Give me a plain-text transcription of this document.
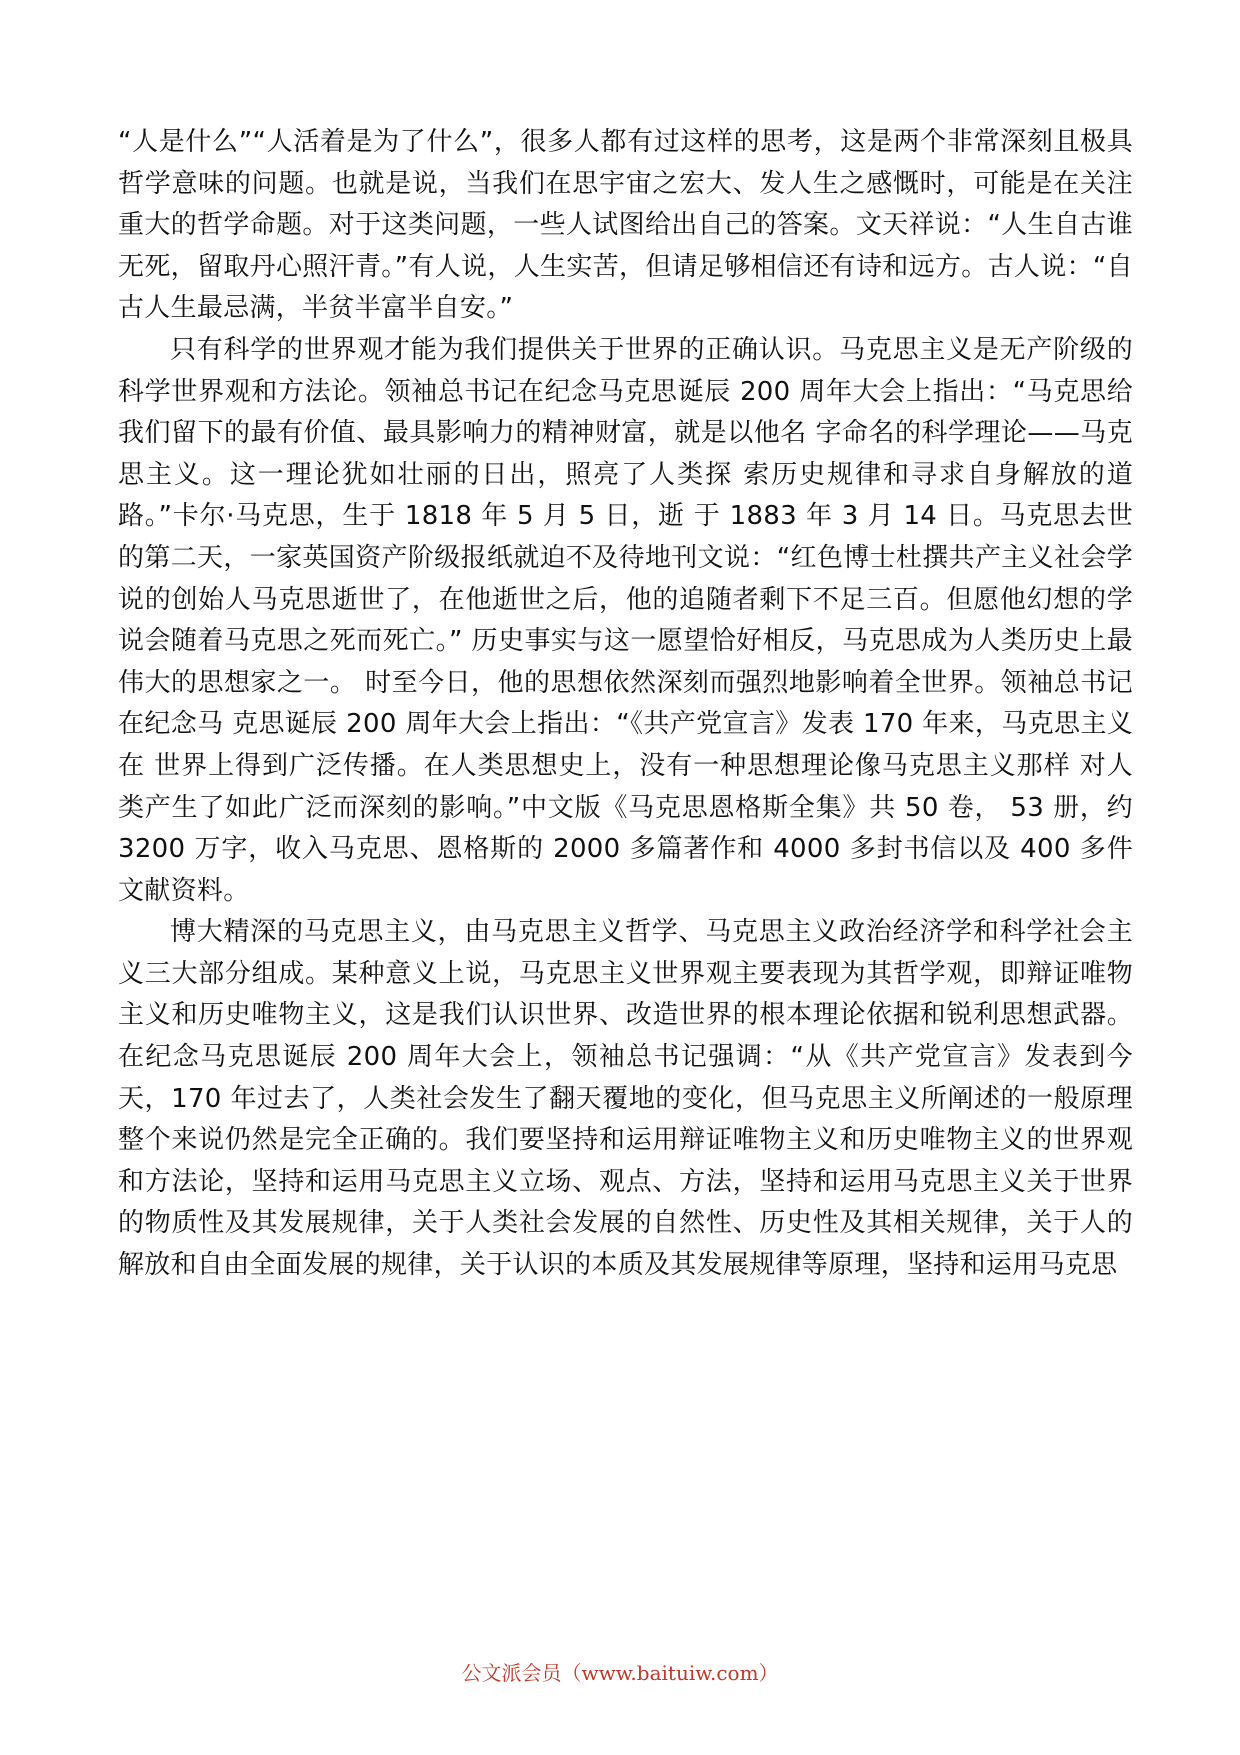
“人是什么”“人活着是为了什么”，很多人都有过这样的思考，这是两个非常深刻且极具哲学意味的问题。也就是说，当我们在思宇宙之宏大、发人生之感慨时，可能是在关注重大的哲学命题。对于这类问题，一些人试图给出自己的答案。文天祥说：“人生自古谁无死，留取丹心照汗青。”有人说，人生实苦，但请足够相信还有诗和远方。古人说：“自古人生最忌满，半贫半富半自安。”

只有科学的世界观才能为我们提供关于世界的正确认识。马克思主义是无产阶级的科学世界观和方法论。领袖总书记在纪念马克思诞辰 200 周年大会上指出：“马克思给我们留下的最有价值、最具影响力的精神财富，就是以他名 字命名的科学理论——马克思主义。这一理论犹如壮丽的日出，照亮了人类探 索历史规律和寻求自身解放的道路。”卡尔·马克思，生于 1818 年 5 月 5 日，逝 于 1883 年 3 月 14 日。马克思去世的第二天，一家英国资产阶级报纸就迫不及待地刊文说：“红色博士杜撰共产主义社会学说的创始人马克思逝世了，在他逝世之后，他的追随者剩下不足三百。但愿他幻想的学说会随着马克思之死而死亡。” 历史事实与这一愿望恰好相反，马克思成为人类历史上最伟大的思想家之一。 时至今日，他的思想依然深刻而强烈地影响着全世界。领袖总书记在纪念马 克思诞辰 200 周年大会上指出：“《共产党宣言》发表 170 年来，马克思主义在 世界上得到广泛传播。在人类思想史上，没有一种思想理论像马克思主义那样 对人类产生了如此广泛而深刻的影响。”中文版《马克思恩格斯全集》共 50 卷， 53 册，约 3200 万字，收入马克思、恩格斯的 2000 多篇著作和 4000 多封书信以及 400 多件文献资料。

博大精深的马克思主义，由马克思主义哲学、马克思主义政治经济学和科学社会主义三大部分组成。某种意义上说，马克思主义世界观主要表现为其哲学观，即辩证唯物主义和历史唯物主义，这是我们认识世界、改造世界的根本理论依据和锐利思想武器。在纪念马克思诞辰 200 周年大会上，领袖总书记强调：“从《共产党宣言》发表到今天，170 年过去了，人类社会发生了翻天覆地的变化，但马克思主义所阐述的一般原理整个来说仍然是完全正确的。我们要坚持和运用辩证唯物主义和历史唯物主义的世界观和方法论，坚持和运用马克思主义立场、观点、方法，坚持和运用马克思主义关于世界的物质性及其发展规律，关于人类社会发展的自然性、历史性及其相关规律，关于人的解放和自由全面发展的规律，关于认识的本质及其发展规律等原理，坚持和运用马克思

公文派会员（www.baituiw.com）
